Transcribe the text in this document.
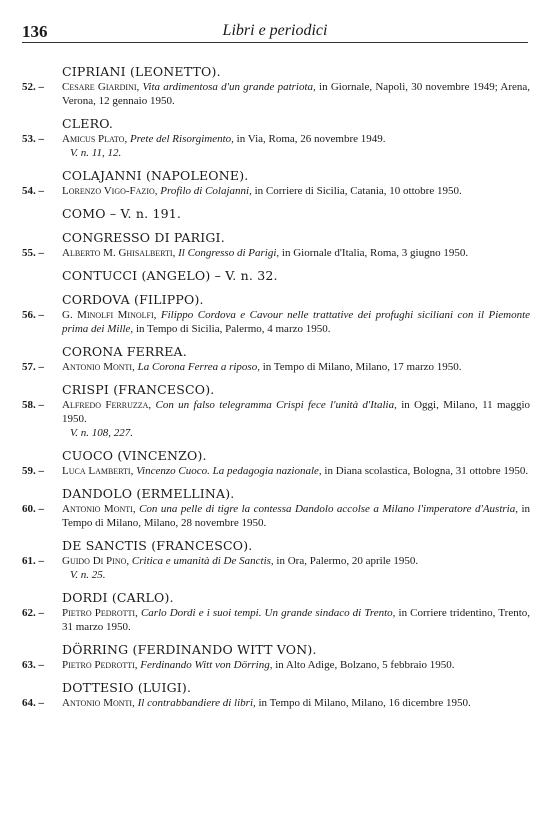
136	Libri e periodici
CIPRIANI (LEONETTO).
52. –	Cesare Giardini, Vita ardimentosa d'un grande patriota, in Giornale, Napoli, 30 novembre 1949; Arena, Verona, 12 gennaio 1950.
CLERO.
53. –	Amicus Plato, Prete del Risorgimento, in Via, Roma, 26 novembre 1949.
V. n. 11, 12.
COLAJANNI (NAPOLEONE).
54. –	Lorenzo Vigo-Fazio, Profilo di Colajanni, in Corriere di Sicilia, Catania, 10 ottobre 1950.
COMO – V. n. 191.
CONGRESSO DI PARIGI.
55. –	Alberto M. Ghisalberti, Il Congresso di Parigi, in Giornale d'Italia, Roma, 3 giugno 1950.
CONTUCCI (ANGELO) – V. n. 32.
CORDOVA (FILIPPO).
56. –	G. Minolfi Minolfi, Filippo Cordova e Cavour nelle trattative dei profughi siciliani con il Piemonte prima dei Mille, in Tempo di Sicilia, Palermo, 4 marzo 1950.
CORONA FERREA.
57. –	Antonio Monti, La Corona Ferrea a riposo, in Tempo di Milano, Milano, 17 marzo 1950.
CRISPI (FRANCESCO).
58. –	Alfredo Ferruzza, Con un falso telegramma Crispi fece l'unità d'Italia, in Oggi, Milano, 11 maggio 1950.
V. n. 108, 227.
CUOCO (VINCENZO).
59. –	Luca Lamberti, Vincenzo Cuoco. La pedagogia nazionale, in Diana scolastica, Bologna, 31 ottobre 1950.
DANDOLO (ERMELLINA).
60. –	Antonio Monti, Con una pelle di tigre la contessa Dandolo accolse a Milano l'imperatore d'Austria, in Tempo di Milano, Milano, 28 novembre 1950.
DE SANCTIS (FRANCESCO).
61. –	Guido Di Pino, Critica e umanità di De Sanctis, in Ora, Palermo, 20 aprile 1950.
V. n. 25.
DORDI (CARLO).
62. –	Pietro Pedrotti, Carlo Dordi e i suoi tempi. Un grande sindaco di Trento, in Corriere tridentino, Trento, 31 marzo 1950.
DÖRRING (FERDINANDO WITT VON).
63. –	Pietro Pedrotti, Ferdinando Witt von Dörring, in Alto Adige, Bolzano, 5 febbraio 1950.
DOTTESIO (LUIGI).
64. –	Antonio Monti, Il contrabbandiere di libri, in Tempo di Milano, Milano, 16 dicembre 1950.
